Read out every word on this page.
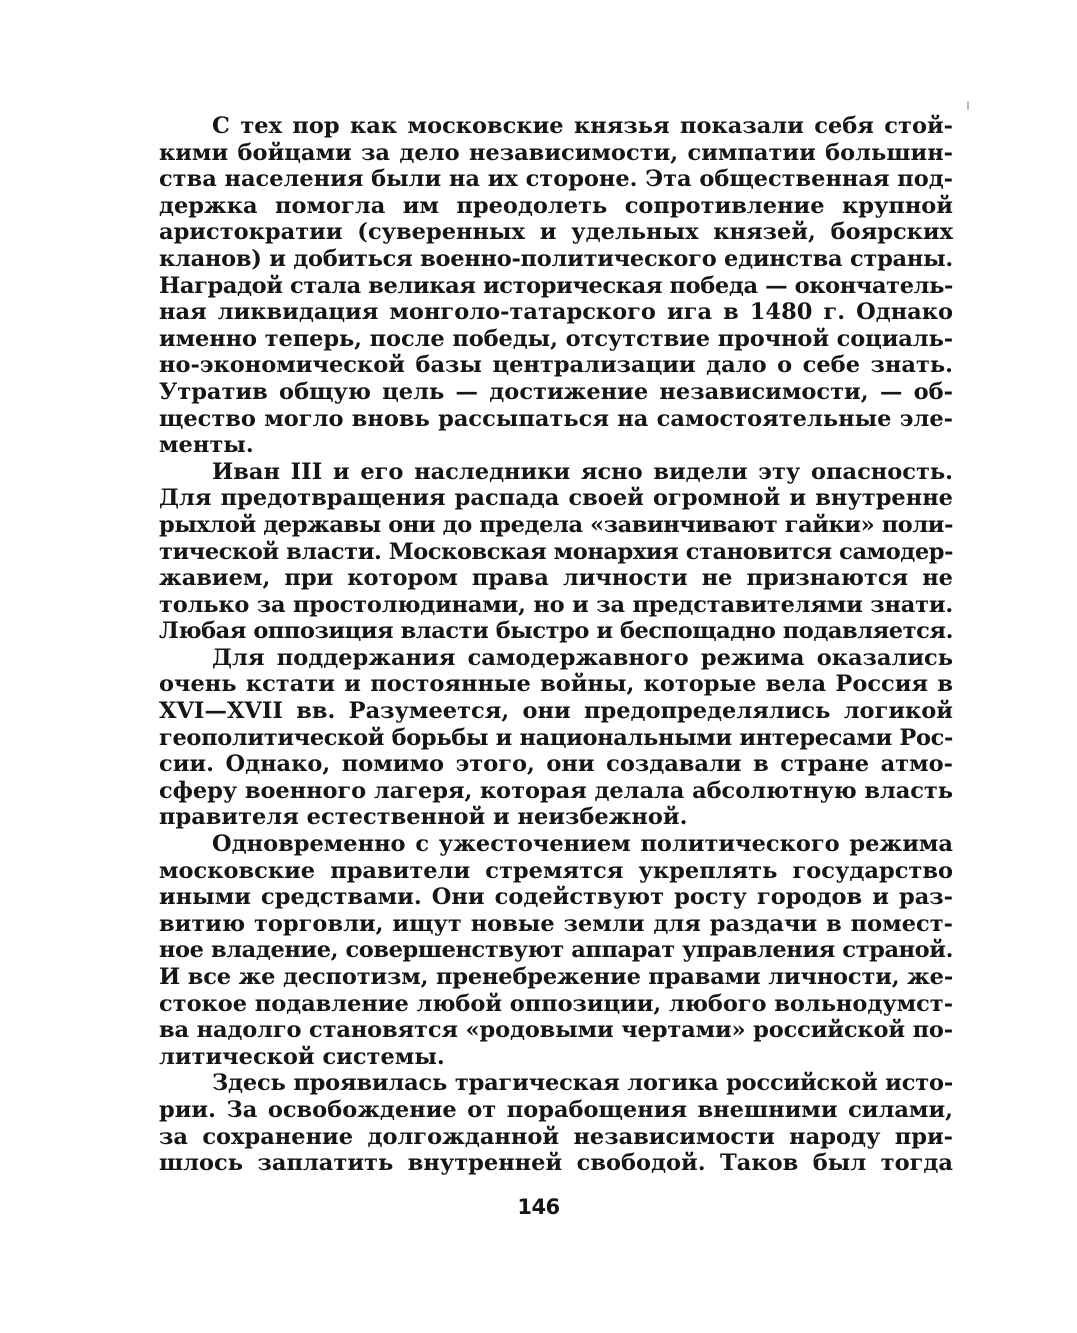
С тех пор как московские князья показали себя стой-
кими бойцами за дело независимости, симпатии большин-
ства населения были на их стороне. Эта общественная под-
держка помогла им преодолеть сопротивление крупной
аристократии (суверенных и удельных князей, боярских
кланов) и добиться военно-политического единства страны.
Наградой стала великая историческая победа — окончатель-
ная ликвидация монголо-татарского ига в 1480 г. Однако
именно теперь, после победы, отсутствие прочной социаль-
но-экономической базы централизации дало о себе знать.
Утратив общую цель — достижение независимости, — об-
щество могло вновь рассыпаться на самостоятельные эле-
менты.
Иван III и его наследники ясно видели эту опасность.
Для предотвращения распада своей огромной и внутренне
рыхлой державы они до предела «завинчивают гайки» поли-
тической власти. Московская монархия становится самодер-
жавием, при котором права личности не признаются не
только за простолюдинами, но и за представителями знати.
Любая оппозиция власти быстро и беспощадно подавляется.
Для поддержания самодержавного режима оказались
очень кстати и постоянные войны, которые вела Россия в
XVI—XVII вв. Разумеется, они предопределялись логикой
геополитической борьбы и национальными интересами Рос-
сии. Однако, помимо этого, они создавали в стране атмо-
сферу военного лагеря, которая делала абсолютную власть
правителя естественной и неизбежной.
Одновременно с ужесточением политического режима
московские правители стремятся укреплять государство
иными средствами. Они содействуют росту городов и раз-
витию торговли, ищут новые земли для раздачи в помест-
ное владение, совершенствуют аппарат управления страной.
И все же деспотизм, пренебрежение правами личности, же-
стокое подавление любой оппозиции, любого вольнодумст-
ва надолго становятся «родовыми чертами» российской по-
литической системы.
Здесь проявилась трагическая логика российской исто-
рии. За освобождение от порабощения внешними силами,
за сохранение долгожданной независимости народу при-
шлось заплатить внутренней свободой. Таков был тогда
146
